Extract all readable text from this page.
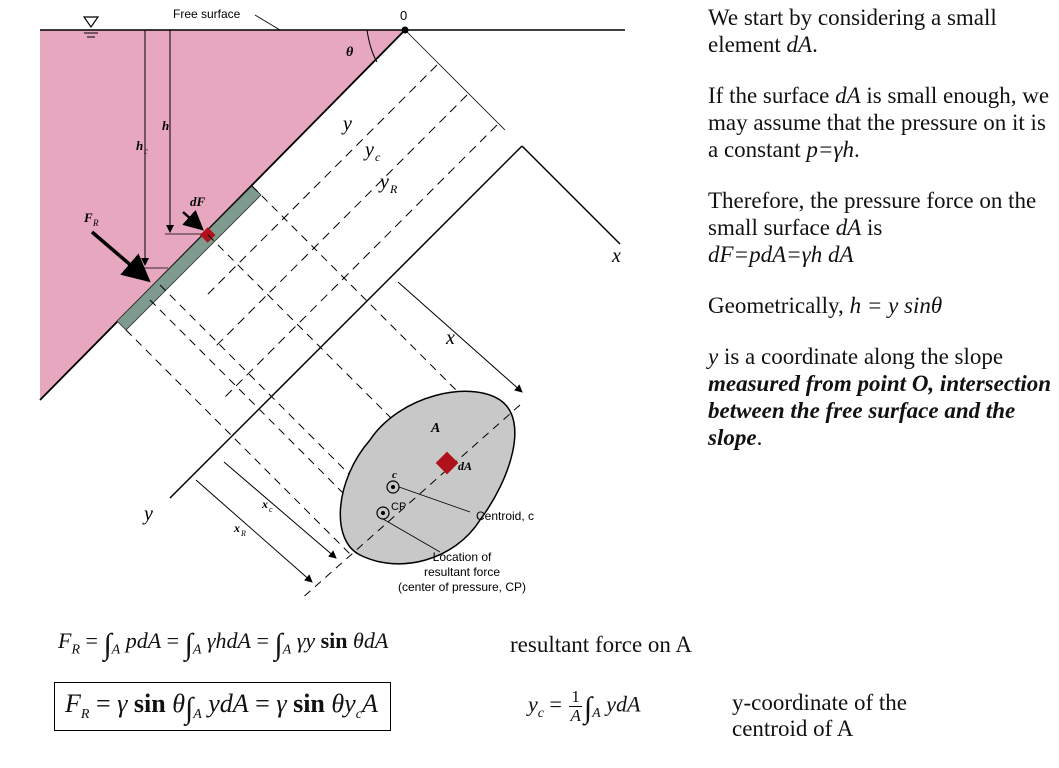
Free surface	0
θ
h
h c
y
y c
y R
x
x
y
dF
F R
A
dA
c
CP
x c
x R
Centroid, c
Location of
resultant force
(center of pressure, CP)

We start by considering a small element dA.

If the surface dA is small enough, we may assume that the pressure on it is a constant p=γh.

Therefore, the pressure force on the small surface dA is
dF=pdA=γh dA

Geometrically, h = y sinθ

y is a coordinate along the slope measured from point O, intersection between the free surface and the slope.

$F_R = \int_A$ pdA = $\int_A$ $\gamma hdA = \int_A$ γy sin θdA	resultant force on A
$F_R = \gamma$ $\sin \theta\int_A$ ydA = γ $\sin \theta y_cA$	$y_c = \frac{1}{A} \int_A$ ydA	y-coordinate of the
centroid of A
